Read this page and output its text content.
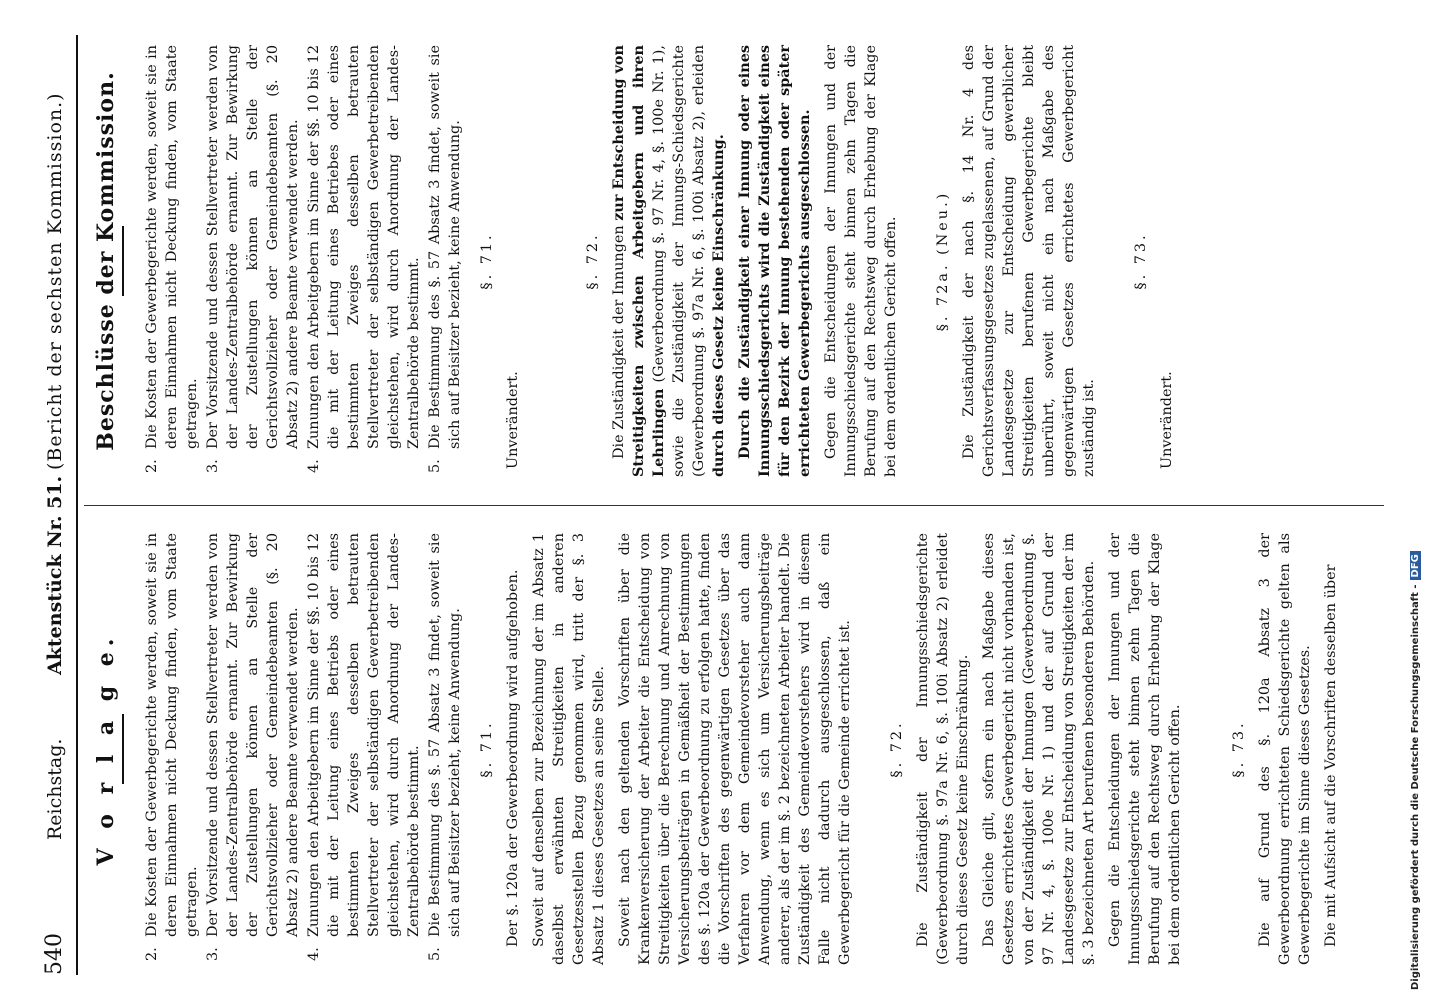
540
Reichstag.
Aktenstück Nr. 51.
(Bericht der sechsten Kommission.)
V o r l a g e.
2.
Die Kosten der Gewerbegerichte werden, soweit sie in deren Einnahmen nicht Deckung finden, vom Staate getragen.
3.
Der Vorsitzende und dessen Stellvertreter werden von der Landes-Zentralbehörde ernannt. Zur Bewirkung der Zustellungen können an Stelle der Gerichtsvollzieher oder Gemeindebeamten (§. 20 Absatz 2) andere Beamte verwendet werden.
4.
Zunungen den Arbeitgebern im Sinne der §§. 10 bis 12 die mit der Leitung eines Betriebs oder eines bestimmten Zweiges desselben betrauten Stellvertreter der selbständigen Gewerbetreibenden gleichstehen, wird durch Anordnung der Landes-Zentralbehörde bestimmt.
5.
Die Bestimmung des §. 57 Absatz 3 findet, soweit sie sich auf Beisitzer bezieht, keine Anwendung. §. 71. Der §. 120a der Gewerbeordnung wird aufgehoben. Soweit auf denselben zur Bezeichnung der im Absatz 1 daselbst erwähnten Streitigkeiten in anderen Gesetzesstellen Bezug genommen wird, tritt der §. 3 Absatz 1 dieses Gesetzes an seine Stelle. Soweit nach den geltenden Vorschriften über die Krankenversicherung der Arbeiter die Entscheidung von Streitigkeiten über die Berechnung und Anrechnung von Versicherungsbeiträgen in Gemäßheit der Bestimmungen des §. 120a der Gewerbeordnung zu erfolgen hatte, finden die Vorschriften des gegenwärtigen Gesetzes über das Verfahren vor dem Gemeindevorsteher auch dann Anwendung, wenn es sich um Versicherungsbeiträge anderer, als der im §. 2 bezeichneten Arbeiter handelt. Die Zuständigkeit des Gemeindevorstehers wird in diesem Falle nicht dadurch ausgeschlossen, daß ein Gewerbegericht für die Gemeinde errichtet ist.	§. 72. Die Zuständigkeit der Innungsschiedsgerichte (Gewerbeordnung §. 97a Nr. 6, §. 100i Absatz 2) erleidet durch dieses Gesetz keine Einschränkung. Das Gleiche gilt, sofern ein nach Maßgabe dieses Gesetzes errichtetes Gewerbegericht nicht vorhanden ist, von der Zuständigkeit der Innungen (Gewerbeordnung §. 97 Nr. 4, §. 100e Nr. 1) und der auf Grund der Landesgesetze zur Entscheidung von Streitigkeiten der im §. 3 bezeichneten Art berufenen besonderen Behörden. Gegen die Entscheidungen der Innungen und der Innungsschiedsgerichte steht binnen zehn Tagen die Berufung auf den Rechtsweg durch Erhebung der Klage bei dem ordentlichen Gericht offen.	§. 73. Die auf Grund des §. 120a Absatz 3 der Gewerbeordnung errichteten Schiedsgerichte gelten als Gewerbegerichte im Sinne dieses Gesetzes. Die mit Aufsicht auf die Vorschriften desselben über

Beschlüsse der Kommission.
2.
Die Kosten der Gewerbegerichte werden, soweit sie in deren Einnahmen nicht Deckung finden, vom Staate getragen.
3.
Der Vorsitzende und dessen Stellvertreter werden von der Landes-Zentralbehörde ernannt. Zur Bewirkung der Zustellungen können an Stelle der Gerichtsvollzieher oder Gemeindebeamten (§. 20 Absatz 2) andere Beamte verwendet werden.
4.
Zunungen den Arbeitgebern im Sinne der §§. 10 bis 12 die mit der Leitung eines Betriebes oder eines bestimmten Zweiges desselben betrauten Stellvertreter der selbständigen Gewerbetreibenden gleichstehen, wird durch Anordnung der Landes-Zentralbehörde bestimmt.
5.
Die Bestimmung des §. 57 Absatz 3 findet, soweit sie sich auf Beisitzer bezieht, keine Anwendung. §. 71.
Unverändert.
§. 72. Die Zuständigkeit der Innungen zur Entscheidung von Streitigkeiten zwischen Arbeitgebern und ihren Lehrlingen (Gewerbeordnung §. 97 Nr. 4, §. 100e Nr. 1), sowie die Zuständigkeit der Innungs-Schiedsgerichte (Gewerbeordnung §. 97a Nr. 6, §. 100i Absatz 2), erleiden durch dieses Gesetz keine Einschränkung. Durch die Zuständigkeit einer Innung oder eines Innungsschiedsgerichts wird die Zuständigkeit eines für den Bezirk der Innung bestehenden oder später errichteten Gewerbegerichts ausgeschlossen. Gegen die Entscheidungen der Innungen und der Innungsschiedsgerichte steht binnen zehn Tagen die Berufung auf den Rechtsweg durch Erhebung der Klage bei dem ordentlichen Gericht offen.	§. 72a. (Neu.) Die Zuständigkeit der nach §. 14 Nr. 4 des Gerichtsverfassungsgesetzes zugelassenen, auf Grund der Landesgesetze zur Entscheidung gewerblicher Streitigkeiten berufenen Gewerbegerichte bleibt unberührt, soweit nicht ein nach Maßgabe des gegenwärtigen Gesetzes errichtetes Gewerbegericht zuständig ist.

§. 73.
Unverändert.
Digitalisierung gefördert durch die Deutsche Forschungsgemeinschaft -DFG
